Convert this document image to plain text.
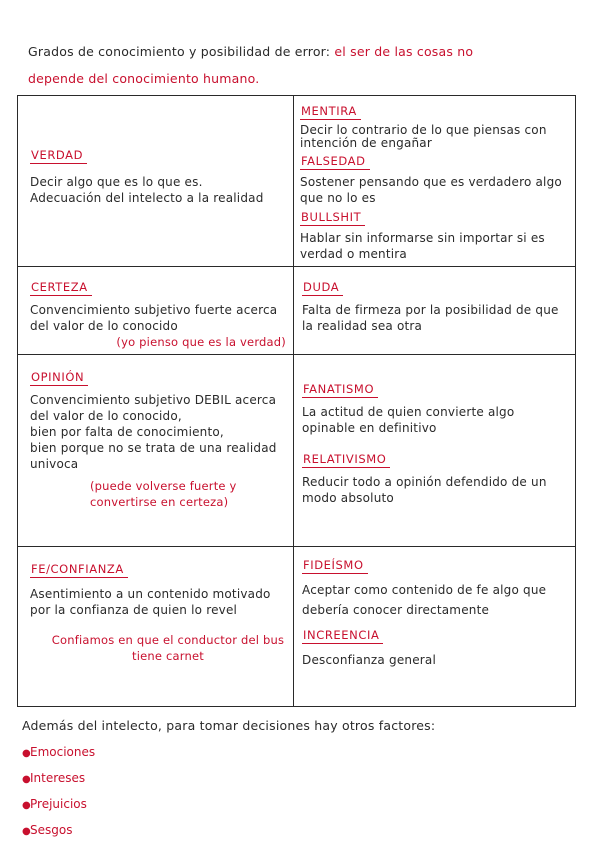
Grados de conocimiento y posibilidad de error: el ser de las cosas no
depende del conocimiento humano.
VERDAD
Decir algo que es lo que es.
Adecuación del intelecto a la realidad
MENTIRA
Decir lo contrario de lo que piensas con intención de engañar
FALSEDAD
Sostener pensando que es verdadero algo que no lo es
BULLSHIT
Hablar sin informarse sin importar si es verdad o mentira
CERTEZA
Convencimiento subjetivo fuerte acerca del valor de lo conocido
(yo pienso que es la verdad)
DUDA
Falta de firmeza por la posibilidad de que la realidad sea otra
OPINIÓN
Convencimiento subjetivo DEBIL acerca del valor de lo conocido,
bien por falta de conocimiento,
bien porque no se trata de una realidad univoca
(puede volverse fuerte y convertirse en certeza)
FANATISMO
La actitud de quien convierte algo opinable en definitivo
RELATIVISMO
Reducir todo a opinión defendido de un modo absoluto
FE/CONFIANZA
Asentimiento a un contenido motivado por la confianza de quien lo revel
Confiamos en que el conductor del bus tiene carnet
FIDEÍSMO
Aceptar como contenido de fe algo que debería conocer directamente
INCREENCIA
Desconfianza general
Además del intelecto, para tomar decisiones hay otros factores:
●Emociones
●Intereses
●Prejuicios
●Sesgos
